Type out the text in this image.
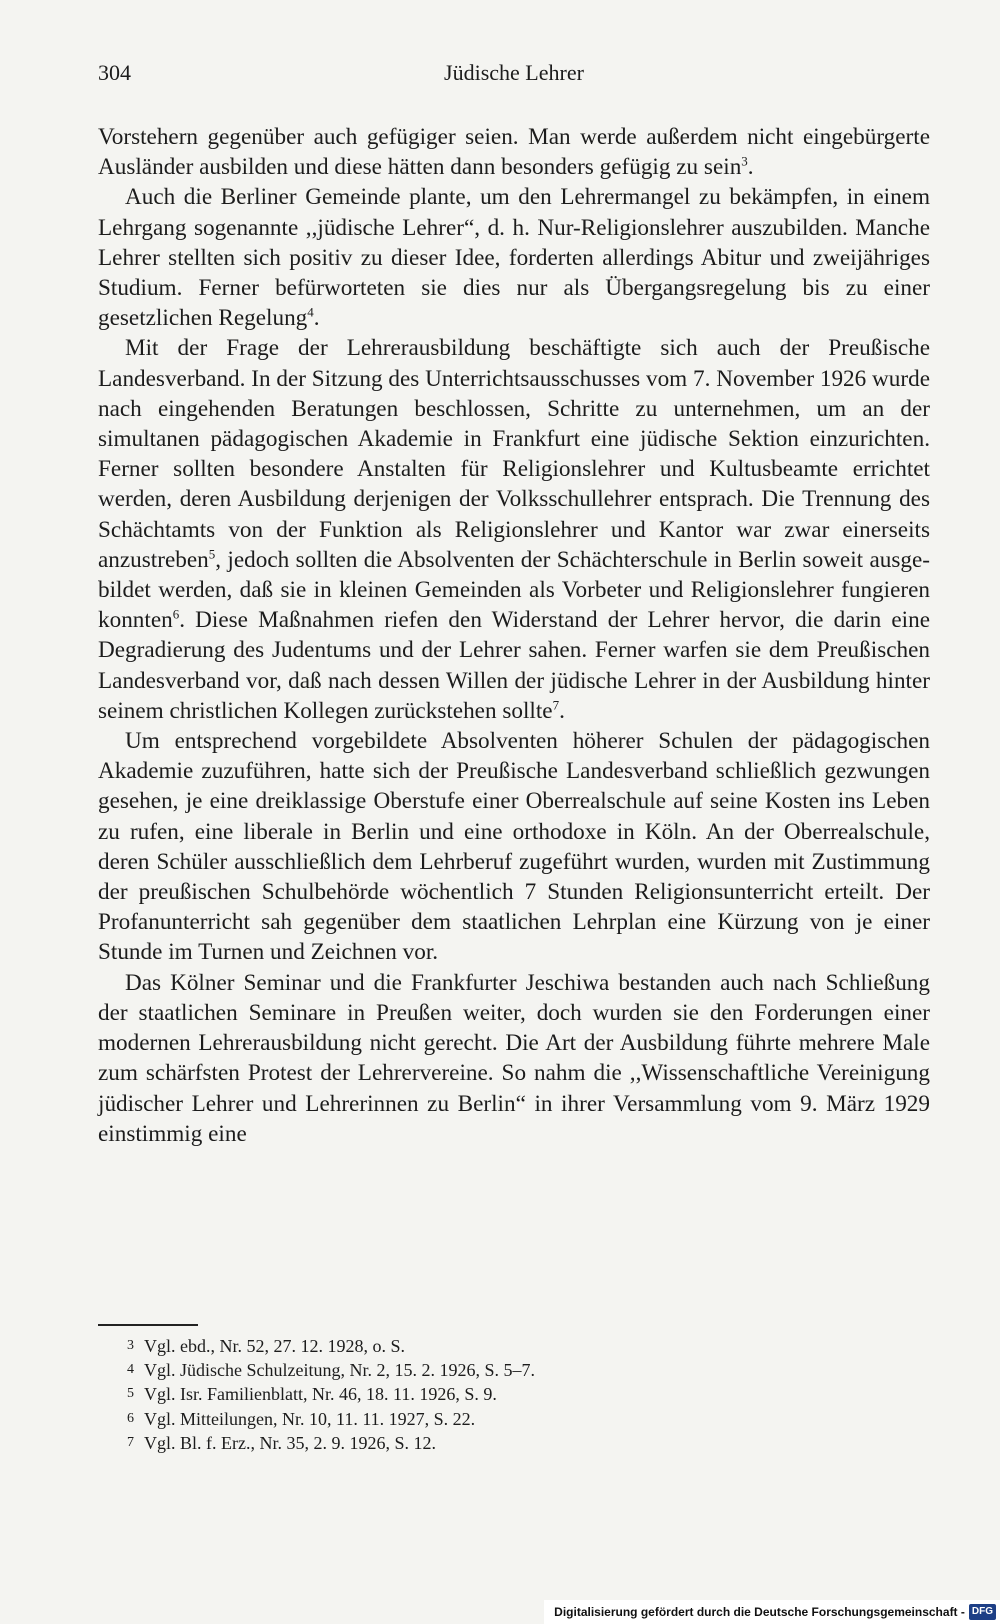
304	Jüdische Lehrer

Vorstehern gegenüber auch gefügiger seien. Man werde außerdem nicht eingebürgerte Ausländer ausbilden und diese hätten dann besonders gefügig zu sein$^3$.

Auch die Berliner Gemeinde plante, um den Lehrermangel zu bekämpfen, in einem Lehrgang sogenannte ,,jüdische Lehrer“, d. h. Nur-Religionslehrer auszubilden. Manche Lehrer stellten sich positiv zu dieser Idee, forderten allerdings Abitur und zweijähriges Studium. Ferner befürworteten sie dies nur als Übergangsregelung bis zu einer gesetzlichen Regelung$^4$.

Mit der Frage der Lehrerausbildung beschäftigte sich auch der Preußische Landesverband. In der Sitzung des Unterrichtsausschusses vom 7. November 1926 wurde nach eingehenden Beratungen beschlossen, Schritte zu unternehmen, um an der simultanen pädagogischen Akademie in Frankfurt eine jüdische Sektion einzurichten. Ferner sollten besondere Anstalten für Religionslehrer und Kultusbeamte errichtet werden, deren Ausbildung derjenigen der Volksschullehrer entsprach. Die Trennung des Schächtamts von der Funktion als Religionslehrer und Kantor war zwar einerseits anzustreben$^5$, jedoch sollten die Absolventen der Schächterschule in Berlin soweit ausgebildet werden, daß sie in kleinen Gemeinden als Vorbeter und Religionslehrer fungieren konnten$^6$. Diese Maßnahmen riefen den Widerstand der Lehrer hervor, die darin eine Degradierung des Judentums und der Lehrer sahen. Ferner warfen sie dem Preußischen Landesverband vor, daß nach dessen Willen der jüdische Lehrer in der Ausbildung hinter seinem christlichen Kollegen zurückstehen sollte$^7$.

Um entsprechend vorgebildete Absolventen höherer Schulen der pädagogischen Akademie zuzuführen, hatte sich der Preußische Landesverband schließlich gezwungen gesehen, je eine dreiklassige Oberstufe einer Oberrealschule auf seine Kosten ins Leben zu rufen, eine liberale in Berlin und eine orthodoxe in Köln. An der Oberrealschule, deren Schüler ausschließlich dem Lehrberuf zugeführt wurden, wurden mit Zustimmung der preußischen Schulbehörde wöchentlich 7 Stunden Religionsunterricht erteilt. Der Profanunterricht sah gegenüber dem staatlichen Lehrplan eine Kürzung von je einer Stunde im Turnen und Zeichnen vor.

Das Kölner Seminar und die Frankfurter Jeschiwa bestanden auch nach Schließung der staatlichen Seminare in Preußen weiter, doch wurden sie den Forderungen einer modernen Lehrerausbildung nicht gerecht. Die Art der Ausbildung führte mehrere Male zum schärfsten Protest der Lehrervereine. So nahm die ,,Wissenschaftliche Vereinigung jüdischer Lehrer und Lehrerinnen zu Berlin“ in ihrer Versammlung vom 9. März 1929 einstimmig eine

3 Vgl. ebd., Nr. 52, 27. 12. 1928, o. S.
4 Vgl. Jüdische Schulzeitung, Nr. 2, 15. 2. 1926, S. 5–7.
5 Vgl. Isr. Familienblatt, Nr. 46, 18. 11. 1926, S. 9.
6 Vgl. Mitteilungen, Nr. 10, 11. 11. 1927, S. 22.
7 Vgl. Bl. f. Erz., Nr. 35, 2. 9. 1926, S. 12.
Digitalisierung gefördert durch die Deutsche Forschungsgemeinschaft - DFG
